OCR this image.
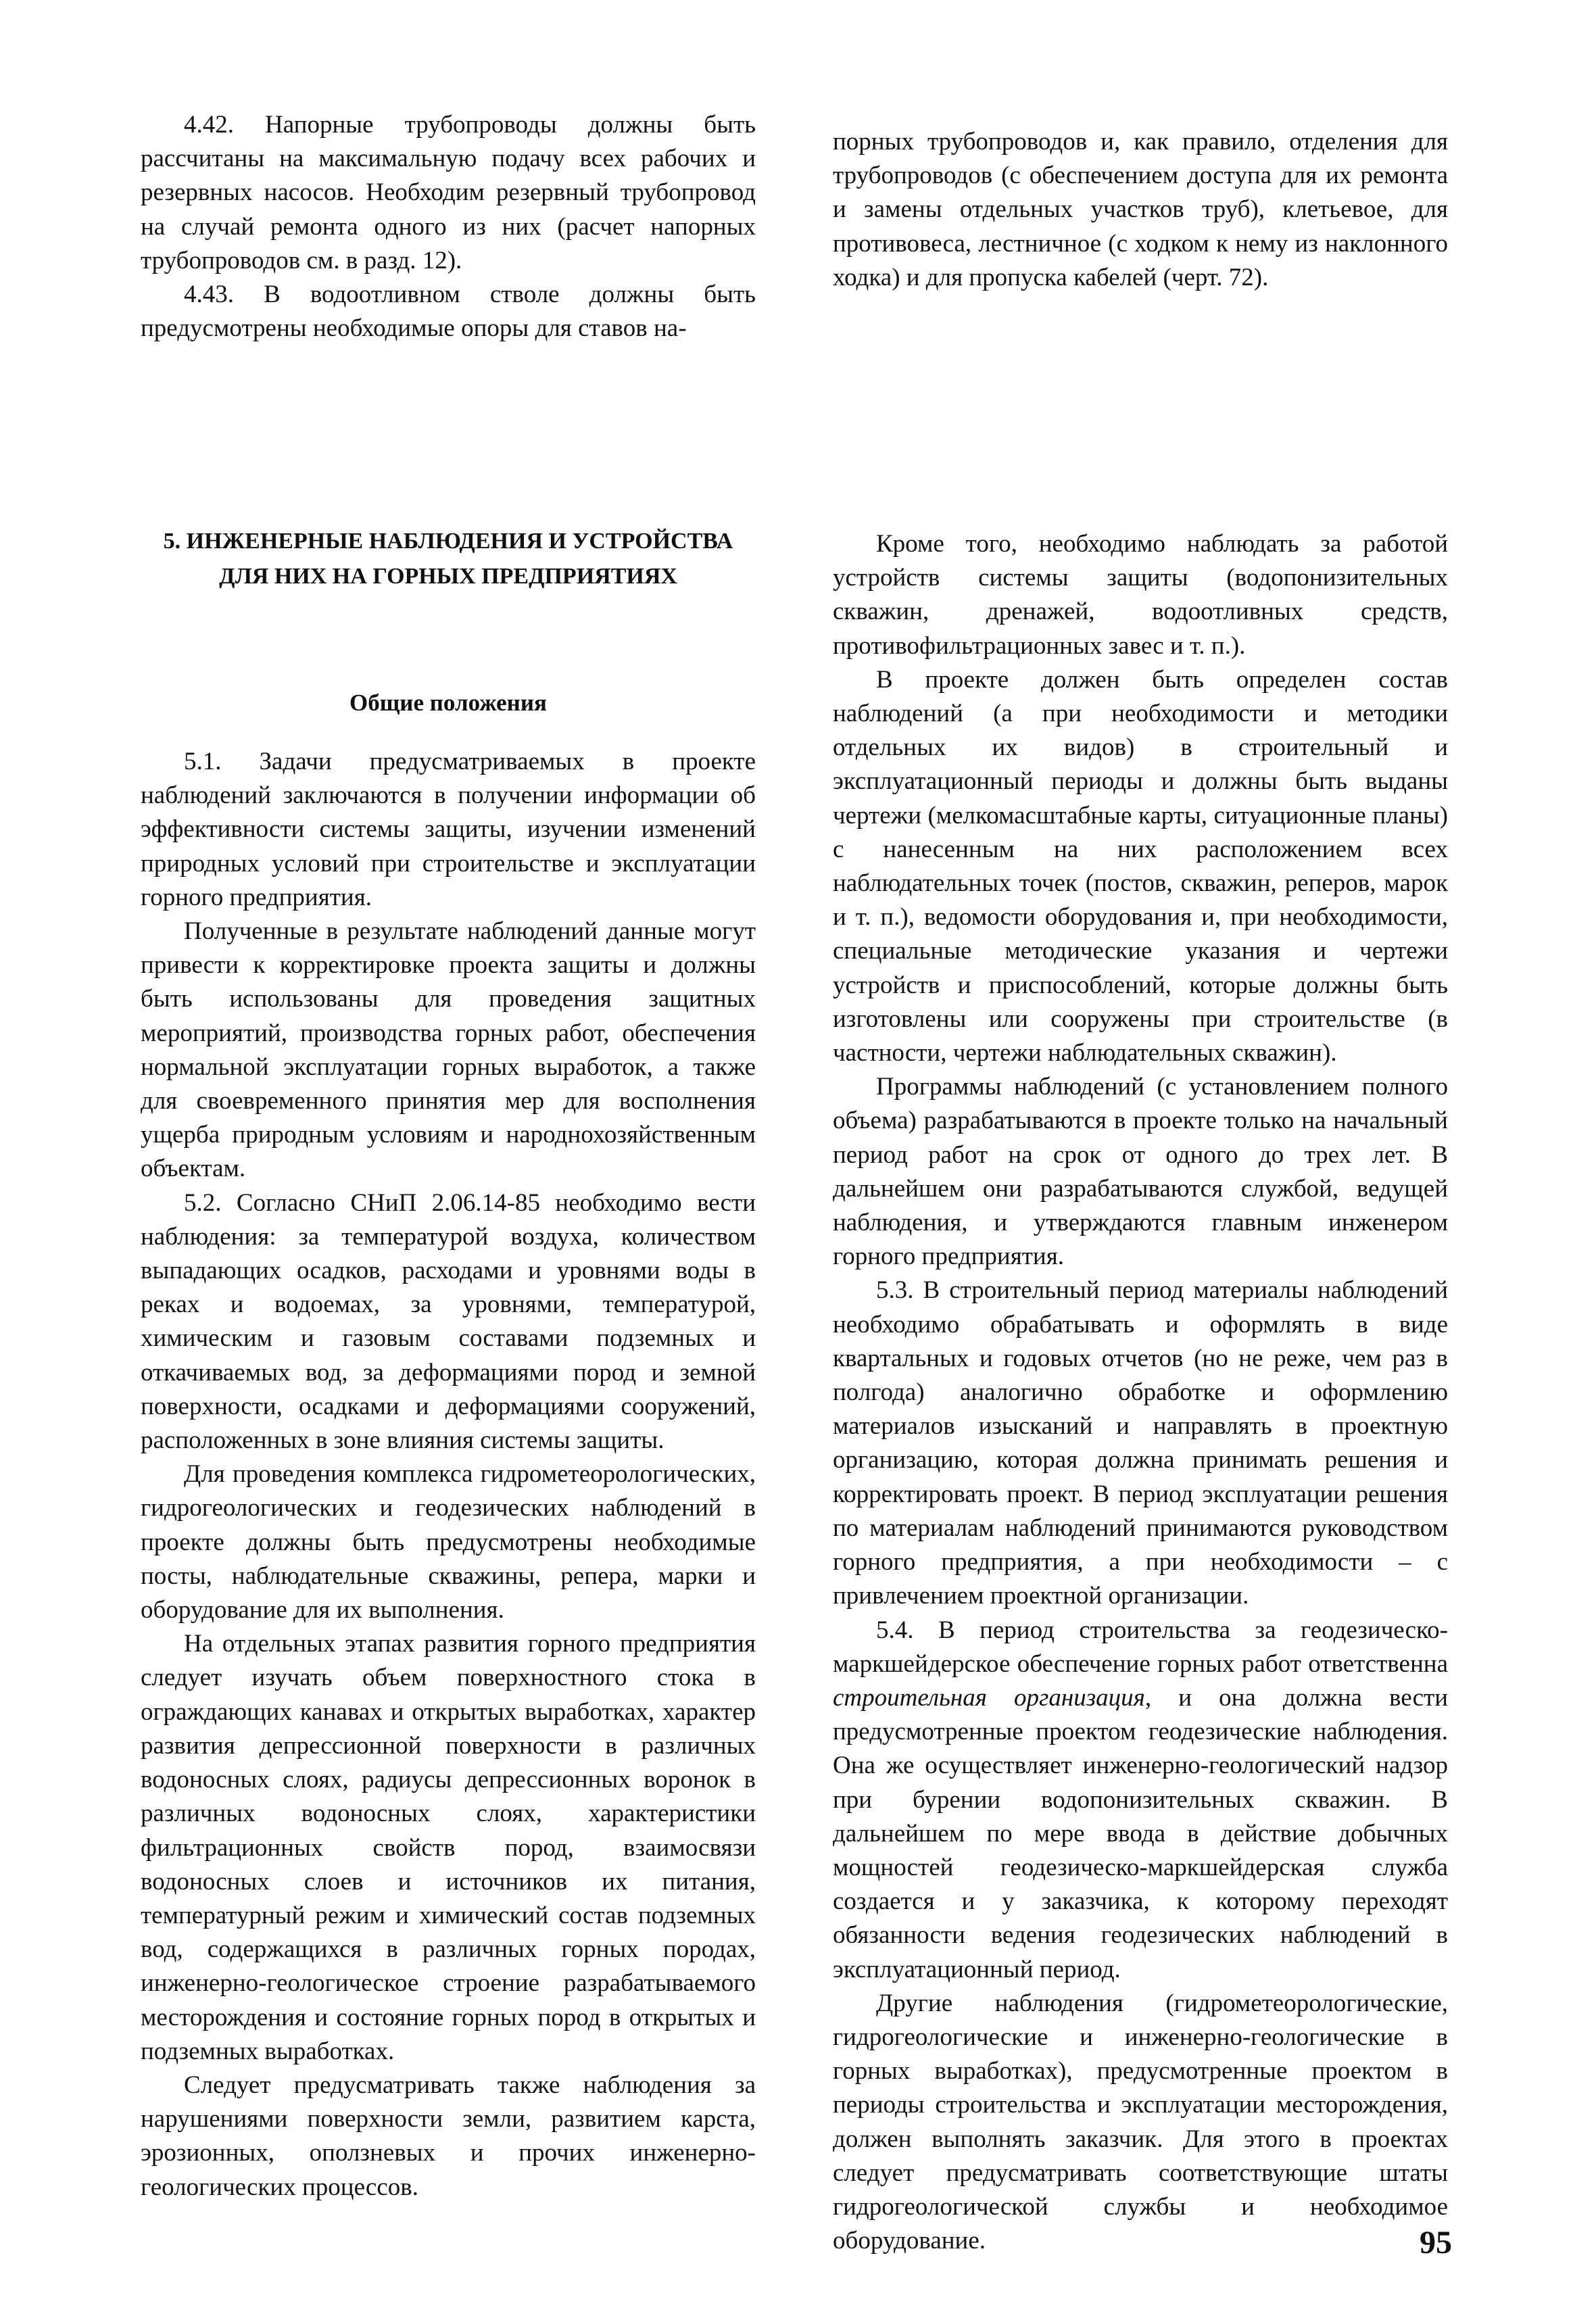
4.42. Напорные трубопроводы должны быть рассчитаны на максимальную подачу всех рабочих и резервных насосов. Необходим резервный трубопровод на случай ремонта одного из них (расчет напорных трубопроводов см. в разд. 12).

4.43. В водоотливном стволе должны быть предусмотрены необходимые опоры для ставов на-

порных трубопроводов и, как правило, отделения для трубопроводов (с обеспечением доступа для их ремонта и замены отдельных участков труб), клетьевое, для противовеса, лестничное (с ходком к нему из наклонного ходка) и для пропуска кабелей (черт. 72).

5. ИНЖЕНЕРНЫЕ НАБЛЮДЕНИЯ И УСТРОЙСТВА
ДЛЯ НИХ НА ГОРНЫХ ПРЕДПРИЯТИЯХ
Общие положения

5.1. Задачи предусматриваемых в проекте наблюдений заключаются в получении информации об эффективности системы защиты, изучении изменений природных условий при строительстве и эксплуатации горного предприятия.

Полученные в результате наблюдений данные могут привести к корректировке проекта защиты и должны быть использованы для проведения защитных мероприятий, производства горных работ, обеспечения нормальной эксплуатации горных выработок, а также для своевременного принятия мер для восполнения ущерба природным условиям и народнохозяйственным объектам.

5.2. Согласно СНиП 2.06.14-85 необходимо вести наблюдения: за температурой воздуха, количеством выпадающих осадков, расходами и уровнями воды в реках и водоемах, за уровнями, температурой, химическим и газовым составами подземных и откачиваемых вод, за деформациями пород и земной поверхности, осадками и деформациями сооружений, расположенных в зоне влияния системы защиты.

Для проведения комплекса гидрометеорологических, гидрогеологических и геодезических наблюдений в проекте должны быть предусмотрены необходимые посты, наблюдательные скважины, репера, марки и оборудование для их выполнения.

На отдельных этапах развития горного предприятия следует изучать объем поверхностного стока в ограждающих канавах и открытых выработках, характер развития депрессионной поверхности в различных водоносных слоях, радиусы депрессионных воронок в различных водоносных слоях, характеристики фильтрационных свойств пород, взаимосвязи водоносных слоев и источников их питания, температурный режим и химический состав подземных вод, содержащихся в различных горных породах, инженерно-геологическое строение разрабатываемого месторождения и состояние горных пород в открытых и подземных выработках.

Следует предусматривать также наблюдения за нарушениями поверхности земли, развитием карста, эрозионных, оползневых и прочих инженерно-геологических процессов.

Кроме того, необходимо наблюдать за работой устройств системы защиты (водопонизительных скважин, дренажей, водоотливных средств, противофильтрационных завес и т. п.).

В проекте должен быть определен состав наблюдений (а при необходимости и методики отдельных их видов) в строительный и эксплуатационный периоды и должны быть выданы чертежи (мелкомасштабные карты, ситуационные планы) с нанесенным на них расположением всех наблюдательных точек (постов, скважин, реперов, марок и т. п.), ведомости оборудования и, при необходимости, специальные методические указания и чертежи устройств и приспособлений, которые должны быть изготовлены или сооружены при строительстве (в частности, чертежи наблюдательных скважин).

Программы наблюдений (с установлением полного объема) разрабатываются в проекте только на начальный период работ на срок от одного до трех лет. В дальнейшем они разрабатываются службой, ведущей наблюдения, и утверждаются главным инженером горного предприятия.

5.3. В строительный период материалы наблюдений необходимо обрабатывать и оформлять в виде квартальных и годовых отчетов (но не реже, чем раз в полгода) аналогично обработке и оформлению материалов изысканий и направлять в проектную организацию, которая должна принимать решения и корректировать проект. В период эксплуатации решения по материалам наблюдений принимаются руководством горного предприятия, а при необходимости – с привлечением проектной организации.

5.4. В период строительства за геодезическо-маркшейдерское обеспечение горных работ ответственна строительная организация, и она должна вести предусмотренные проектом геодезические наблюдения. Она же осуществляет инженерно-геологический надзор при бурении водопонизительных скважин. В дальнейшем по мере ввода в действие добычных мощностей геодезическо-маркшейдерская служба создается и у заказчика, к которому переходят обязанности ведения геодезических наблюдений в эксплуатационный период.

Другие наблюдения (гидрометеорологические, гидрогеологические и инженерно-геологические в горных выработках), предусмотренные проектом в периоды строительства и эксплуатации месторождения, должен выполнять заказчик. Для этого в проектах следует предусматривать соответствующие штаты гидрогеологической службы и необходимое оборудование.	95
